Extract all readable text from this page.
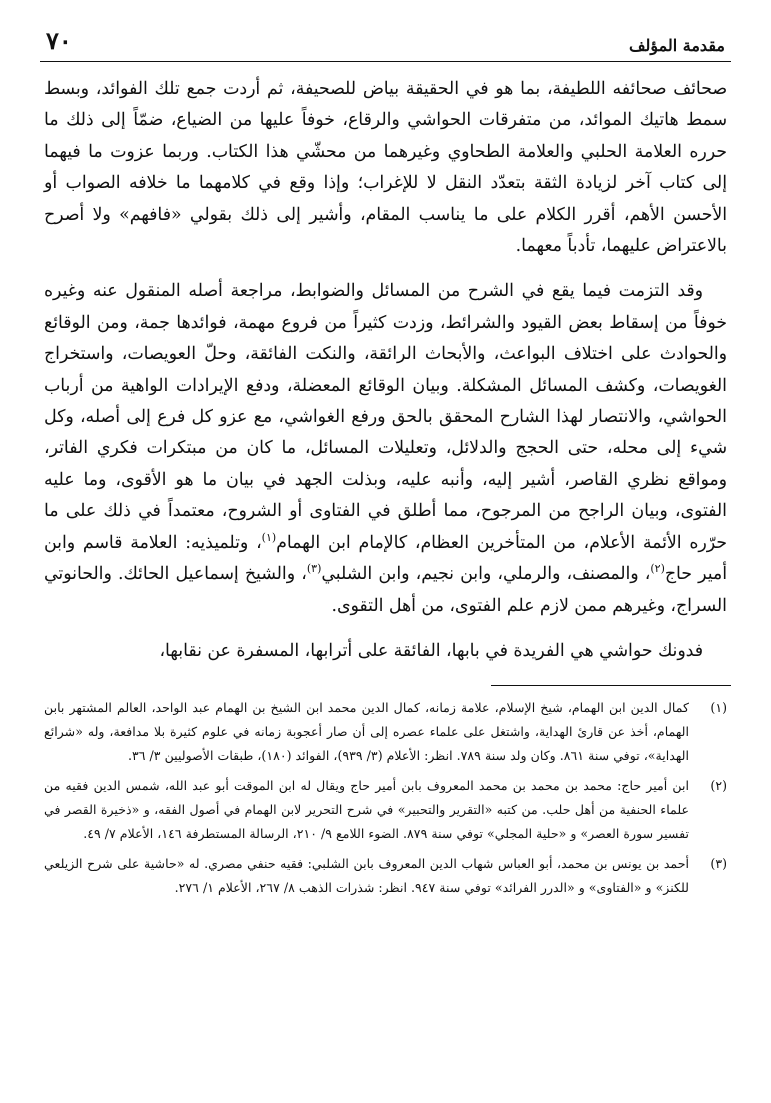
مقدمة المؤلف
٧٠

صحائف صحائفه اللطيفة، بما هو في الحقيقة بياض للصحيفة، ثم أردت جمع تلك الفوائد، وبسط سمط هاتيك الموائد، من متفرقات الحواشي والرقاع، خوفاً عليها من الضياع، ضمّاً إلى ذلك ما حرره العلامة الحلبي والعلامة الطحاوي وغيرهما من محشّي هذا الكتاب. وربما عزوت ما فيهما إلى كتاب آخر لزيادة الثقة بتعدّد النقل لا للإغراب؛ وإذا وقع في كلامهما ما خلافه الصواب أو الأحسن الأهم، أقرر الكلام على ما يناسب المقام، وأشير إلى ذلك بقولي «فافهم» ولا أصرح بالاعتراض عليهما، تأدباً معهما.

وقد التزمت فيما يقع في الشرح من المسائل والضوابط، مراجعة أصله المنقول عنه وغيره خوفاً من إسقاط بعض القيود والشرائط، وزدت كثيراً من فروع مهمة، فوائدها جمة، ومن الوقائع والحوادث على اختلاف البواعث، والأبحاث الرائقة، والنكت الفائقة، وحلّ العويصات، واستخراج الغويصات، وكشف المسائل المشكلة. وبيان الوقائع المعضلة، ودفع الإيرادات الواهية من أرباب الحواشي، والانتصار لهذا الشارح المحقق بالحق ورفع الغواشي، مع عزو كل فرع إلى أصله، وكل شيء إلى محله، حتى الحجج والدلائل، وتعليلات المسائل، ما كان من مبتكرات فكري الفاتر، ومواقع نظري القاصر، أشير إليه، وأنبه عليه، وبذلت الجهد في بيان ما هو الأقوى، وما عليه الفتوى، وبيان الراجح من المرجوح، مما أطلق في الفتاوى أو الشروح، معتمداً في ذلك على ما حرّره الأئمة الأعلام، من المتأخرين العظام، كالإمام ابن الهمام$^{(١)}$، وتلميذيه: العلامة قاسم وابن أمير حاج$^{(٢)}$، والمصنف، والرملي، وابن نجيم، وابن الشلبي$^{(٣)}$، والشيخ إسماعيل الحائك. والحانوتي السراج، وغيرهم ممن لازم علم الفتوى، من أهل التقوى.

فدونك حواشي هي الفريدة في بابها، الفائقة على أترابها، المسفرة عن نقابها،

(١)
كمال الدين ابن الهمام، شيخ الإسلام، علامة زمانه، كمال الدين محمد ابن الشيخ بن الهمام عبد الواحد، العالم المشتهر بابن الهمام، أخذ عن قارئ الهداية، واشتغل على علماء عصره إلى أن صار أعجوبة زمانه في علوم كثيرة بلا مدافعة، وله «شرائع الهداية»، توفي سنة ٨٦١. وكان ولد سنة ٧٨٩. انظر: الأعلام (٣/ ٩٣٩)، الفوائد (١٨٠)، طبقات الأصوليين ٣/ ٣٦.
(٢)
ابن أمير حاج: محمد بن محمد بن محمد المعروف بابن أمير حاج ويقال له ابن الموقت أبو عبد الله، شمس الدين فقيه من علماء الحنفية من أهل حلب. من كتبه «التقرير والتحبير» في شرح التحرير لابن الهمام في أصول الفقه، و «ذخيرة القصر في تفسير سورة العصر» و «حلية المجلي» توفي سنة ٨٧٩. الضوء اللامع ٩/ ٢١٠، الرسالة المستطرفة ١٤٦، الأعلام ٧/ ٤٩.
(٣)
أحمد بن يونس بن محمد، أبو العباس شهاب الدين المعروف بابن الشلبي: فقيه حنفي مصري. له «حاشية على شرح الزيلعي للكنز» و «الفتاوى» و «الدرر الفرائد» توفي سنة ٩٤٧. انظر: شذرات الذهب ٨/ ٢٦٧، الأعلام ١/ ٢٧٦.
